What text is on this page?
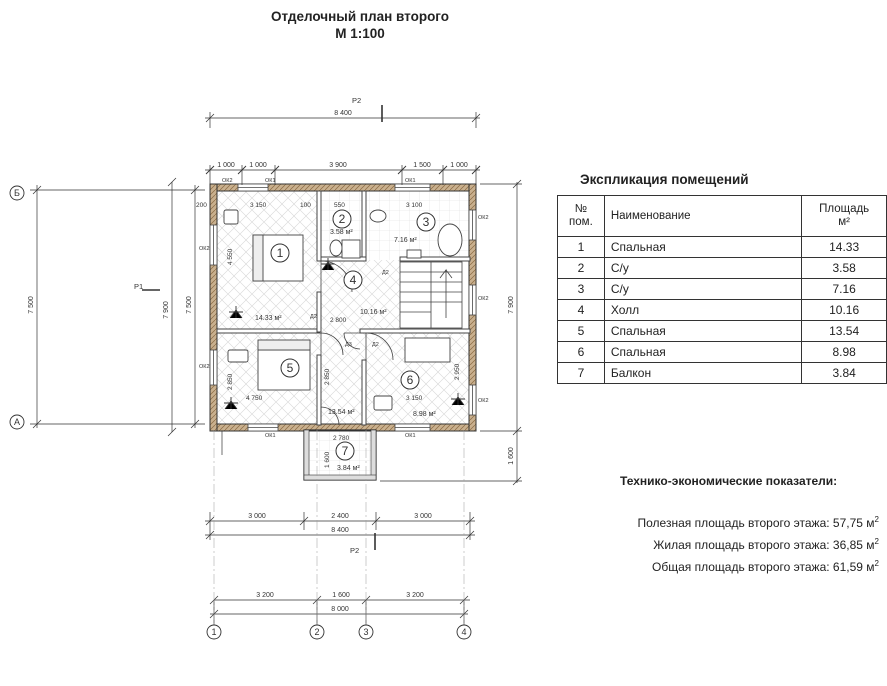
Отделочный план второго
М 1:100
1
2	3
4
5
6
7
14.33 м²
3.58 м²
7.16 м²
10.16 м²
13.54 м²	8.98 м²
3.84 м²
3 150	550	3 100
4 550
4 750	3 150
2 850	2 850	2 950
2 800
2 780
1 600
200	100
ОК2	ОК1	ОК1
ОК2
ОК2
ОК1	ОК1
ОК2
ОК2
ОК2
Д2
Д2
Д3	Д2
Б
А
1	2	3	4
Р2
Р2
Р1
8 400
1 000 1 000	3 900	1 500	1 000
7 500	7 900 7 500	7 900
1 600
3 000	2 400	3 000
8 400
3 200	1 600	3 200
8 000
Экспликация помещений
№
пом.	Наименование	Площадь
м²
1	Спальная	14.33
2	С/у	3.58
3	С/у	7.16
4	Холл	10.16
5	Спальная	13.54
6	Спальная	8.98
7	Балкон	3.84
Технико-экономические показатели:
Полезная площадь второго этажа: 57,75 $м^2$
Жилая площадь второго этажа: 36,85 $м^2$
Общая площадь второго этажа: 61,59 $м^2$
